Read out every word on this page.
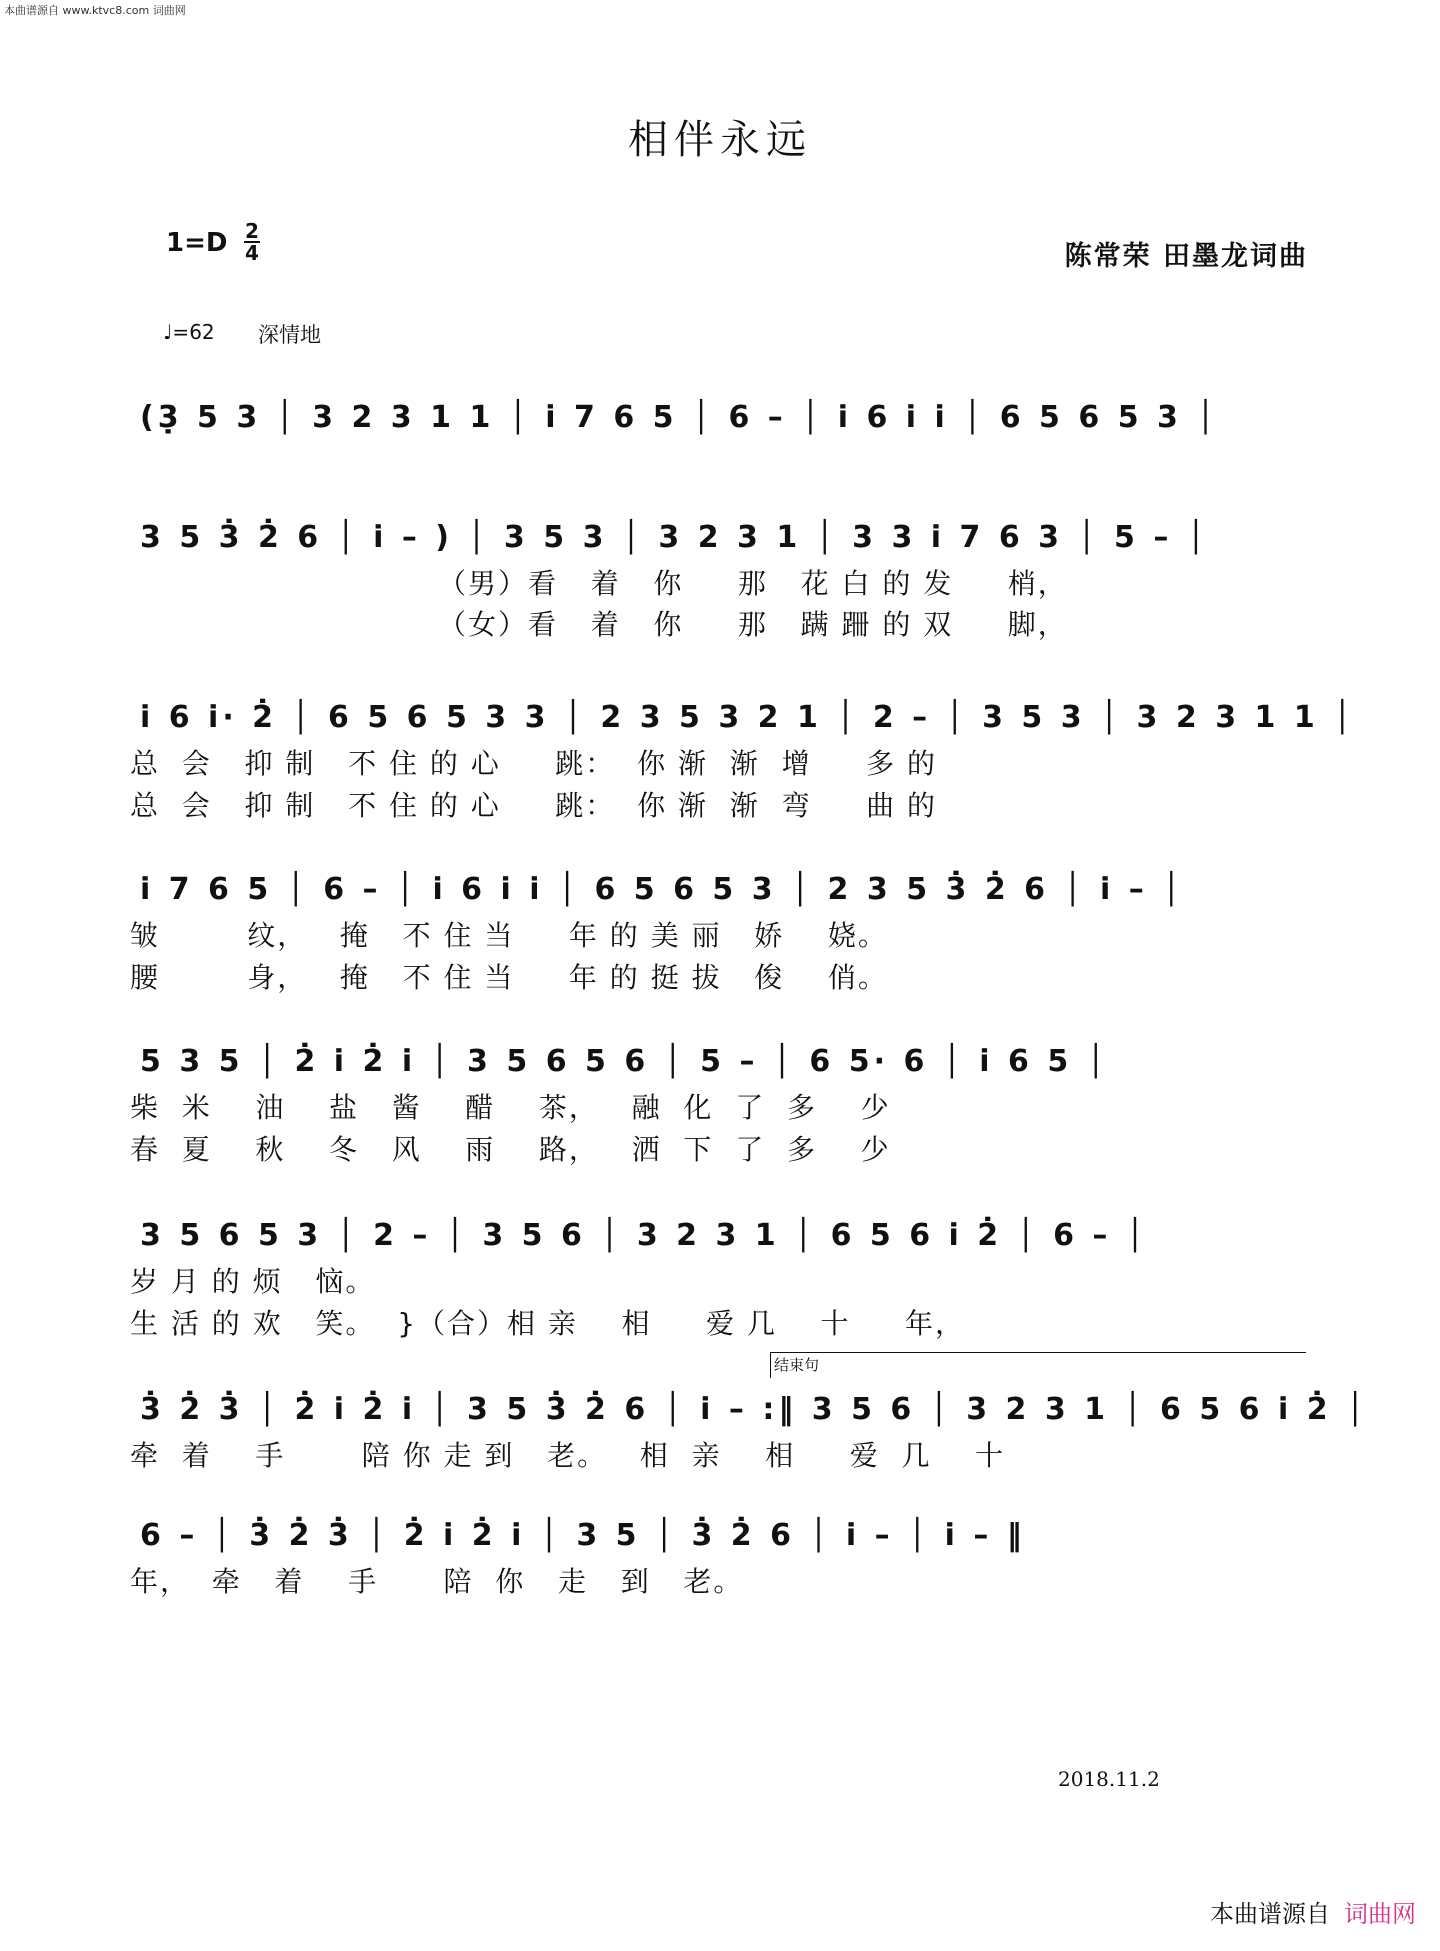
本曲谱源自 www.ktvc8.com 词曲网
相伴永远
1=D 2
4	陈常荣 田墨龙词曲
♩=62 深情地
结束句
(3̣ 5 3 │ 3 2 3 1 1 │ i̇ 7 6 5 │ 6 – │ i̇ 6 i̇ i̇ │ 6 5 6 5 3 │
3 5 3̇ 2̇ 6 │ i̇ – ) │ 3 5 3 │ 3 2 3 1 │ 3 3 i̇ 7 6 3 │ 5 – │
（男）看   着   你     那   花 白 的 发     梢，
（女）看   着   你     那   蹒 跚 的 双     脚，
i̇ 6 i̇· 2̇ │ 6 5 6 5 3 3 │ 2 3 5 3 2 1 │ 2 – │ 3 5 3 │ 3 2 3 1 1 │
总  会   抑 制   不 住 的 心     跳：  你 渐  渐  增     多 的
总  会   抑 制   不 住 的 心     跳：  你 渐  渐  弯     曲 的
i̇ 7 6 5 │ 6 – │ i̇ 6 i̇ i̇ │ 6 5 6 5 3 │ 2 3 5 3̇ 2̇ 6 │ i̇ – │
皱        纹，   掩   不 住 当     年 的 美 丽   娇    娆。
腰        身，   掩   不 住 当     年 的 挺 拔   俊    俏。
5 3 5 │ 2̇ i̇ 2̇ i̇ │ 3 5 6 5 6 │ 5 – │ 6 5· 6 │ i̇ 6 5 │
柴  米    油    盐   酱    醋    茶，   融  化  了  多    少
春  夏    秋    冬   风    雨    路，   洒  下  了  多    少
3 5 6 5 3 │ 2 – │ 3 5 6 │ 3 2 3 1 │ 6 5 6 i̇ 2̇ │ 6 – │
岁 月 的 烦   恼。
生 活 的 欢   笑。  }（合）相 亲    相     爱 几    十     年，
3̇ 2̇ 3̇ │ 2̇ i̇ 2̇ i̇ │ 3 5 3̇ 2̇ 6 │ i̇ – :‖ 3 5 6 │ 3 2 3 1 │ 6 5 6 i̇ 2̇ │
牵  着    手       陪 你 走 到   老。   相  亲    相     爱  几    十
6 – │ 3̇ 2̇ 3̇ │ 2̇ i̇ 2̇ i̇ │ 3 5 │ 3̇ 2̇ 6 │ i̇ – │ i̇ – ‖
年，  牵   着    手      陪  你   走   到   老。
2018.11.2
本曲谱源自 词曲网
